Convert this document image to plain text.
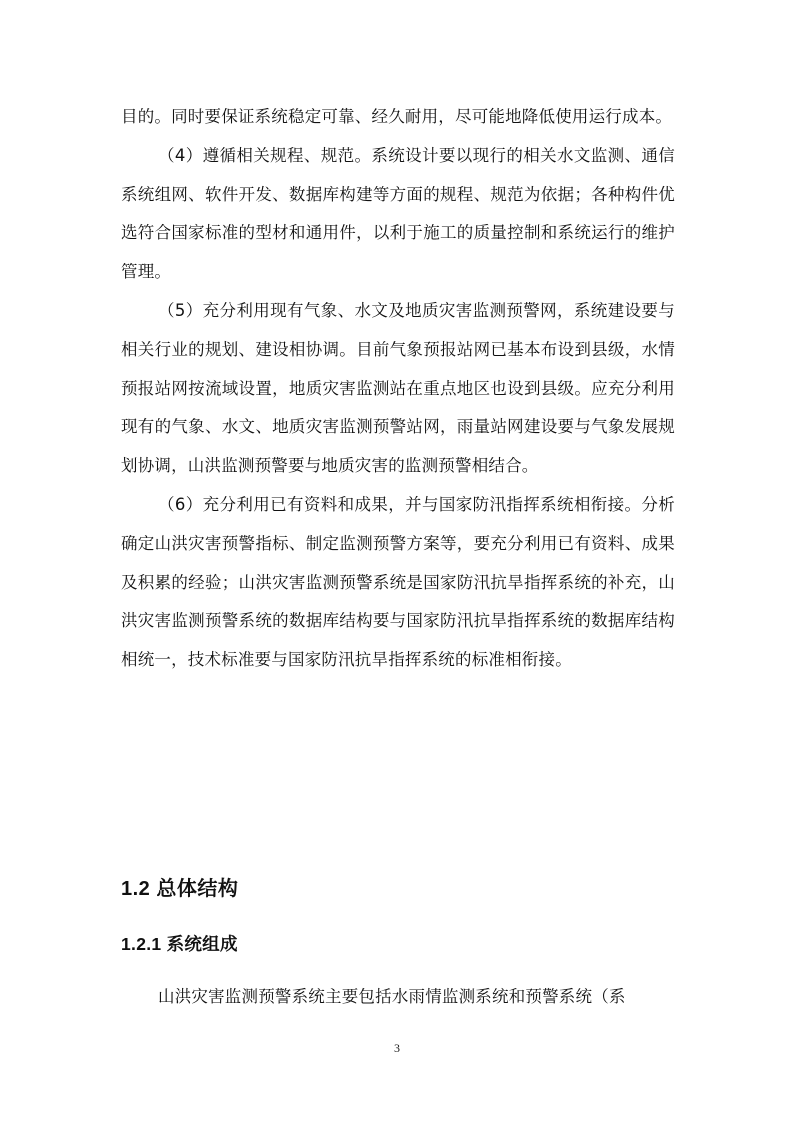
目的。同时要保证系统稳定可靠、经久耐用，尽可能地降低使用运行成本。

（4）遵循相关规程、规范。系统设计要以现行的相关水文监测、通信系统组网、软件开发、数据库构建等方面的规程、规范为依据；各种构件优选符合国家标准的型材和通用件，以利于施工的质量控制和系统运行的维护管理。

（5）充分利用现有气象、水文及地质灾害监测预警网，系统建设要与相关行业的规划、建设相协调。目前气象预报站网已基本布设到县级，水情预报站网按流域设置，地质灾害监测站在重点地区也设到县级。应充分利用现有的气象、水文、地质灾害监测预警站网，雨量站网建设要与气象发展规划协调，山洪监测预警要与地质灾害的监测预警相结合。

（6）充分利用已有资料和成果，并与国家防汛指挥系统相衔接。分析确定山洪灾害预警指标、制定监测预警方案等，要充分利用已有资料、成果及积累的经验；山洪灾害监测预警系统是国家防汛抗旱指挥系统的补充，山洪灾害监测预警系统的数据库结构要与国家防汛抗旱指挥系统的数据库结构相统一，技术标准要与国家防汛抗旱指挥系统的标准相衔接。

1.2 总体结构
1.2.1 系统组成

山洪灾害监测预警系统主要包括水雨情监测系统和预警系统（系

3
